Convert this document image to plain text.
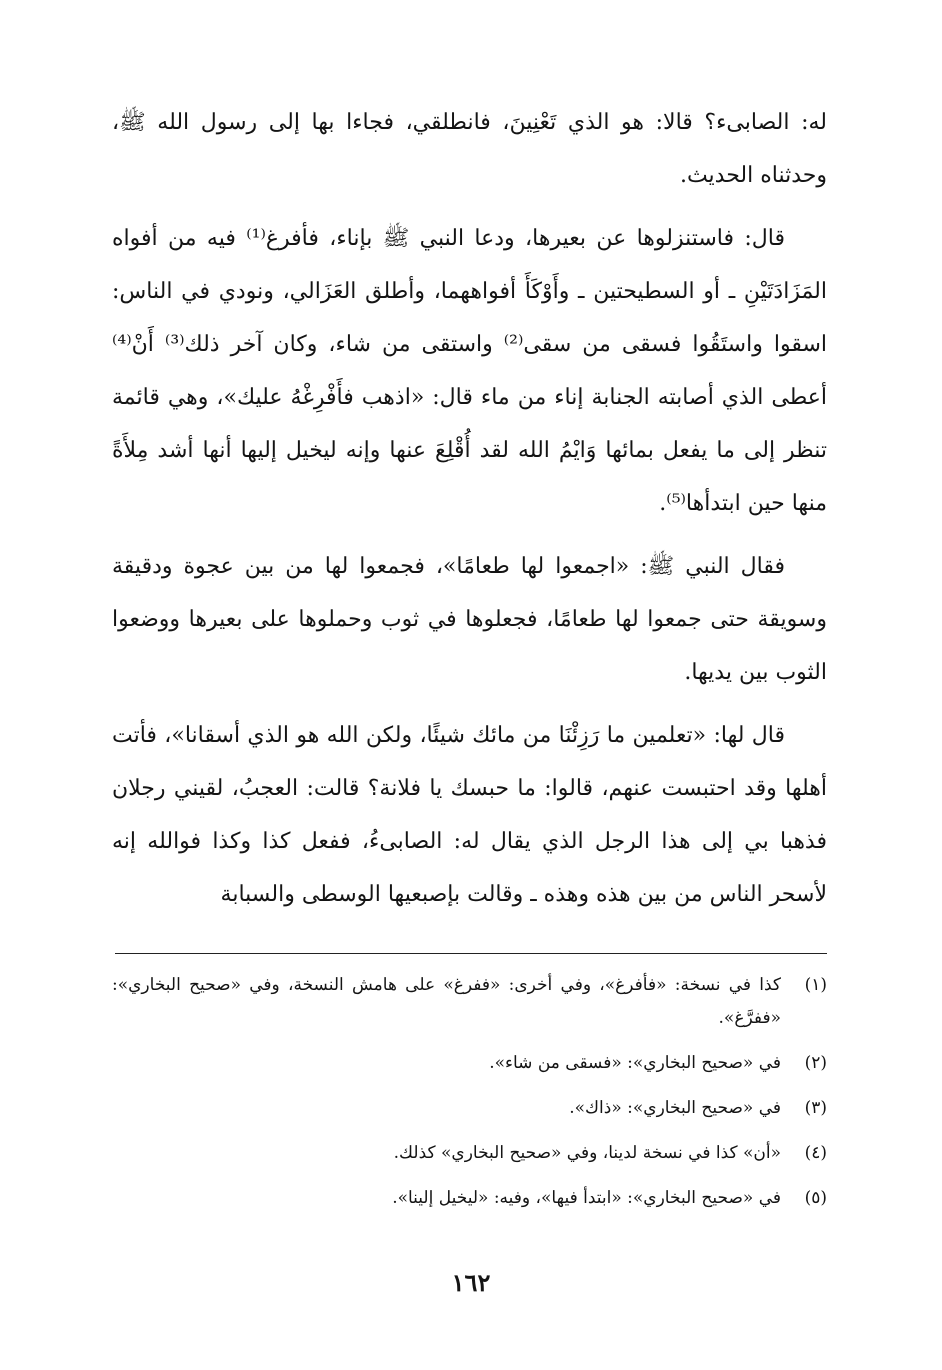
له: الصابىء؟ قالا: هو الذي تَعْنِينَ، فانطلقي، فجاءا بها إلى رسول الله ﷺ، وحدثناه الحديث.

قال: فاستنزلوها عن بعيرها، ودعا النبي ﷺ بإناء، فأفرغ⁽¹⁾ فيه من أفواه المَزَادَتَيْنِ ـ أو السطيحتين ـ وأَوْكَأَ أفواههما، وأطلق العَزَالي، ونودي في الناس: اسقوا واستَقُوا فسقى من سقى⁽²⁾ واستقى من شاء، وكان آخر ذلك⁽³⁾ أَنْ⁽⁴⁾ أعطى الذي أصابته الجنابة إناء من ماء قال: «اذهب فأَفْرِغْهُ عليك»، وهي قائمة تنظر إلى ما يفعل بمائها وَايْمُ الله لقد أُقْلِعَ عنها وإنه ليخيل إليها أنها أشد مِلأَةً منها حين ابتدأها⁽⁵⁾.

فقال النبي ﷺ: «اجمعوا لها طعامًا»، فجمعوا لها من بين عجوة ودقيقة وسويقة حتى جمعوا لها طعامًا، فجعلوها في ثوب وحملوها على بعيرها ووضعوا الثوب بين يديها.

قال لها: «تعلمين ما رَزِئْنَا من مائك شيئًا، ولكن الله هو الذي أسقانا»، فأتت أهلها وقد احتبست عنهم، قالوا: ما حبسك يا فلانة؟ قالت: العجبُ، لقيني رجلان فذهبا بي إلى هذا الرجل الذي يقال له: الصابىءُ، ففعل كذا وكذا فوالله إنه لأسحر الناس من بين هذه وهذه ـ وقالت بإصبعيها الوسطى والسبابة

(١)
كذا في نسخة: «فأفرغ»، وفي أخرى: «ففرغ» على هامش النسخة، وفي «صحيح البخاري»: «ففرَّغ».
(٢)
في «صحيح البخاري»: «فسقى من شاء».
(٣)
في «صحيح البخاري»: «ذاك».
(٤)
«أن» كذا في نسخة لدينا، وفي «صحيح البخاري» كذلك.
(٥)
في «صحيح البخاري»: «ابتدأ فيها»، وفيه: «ليخيل إلينا».
١٦٢
